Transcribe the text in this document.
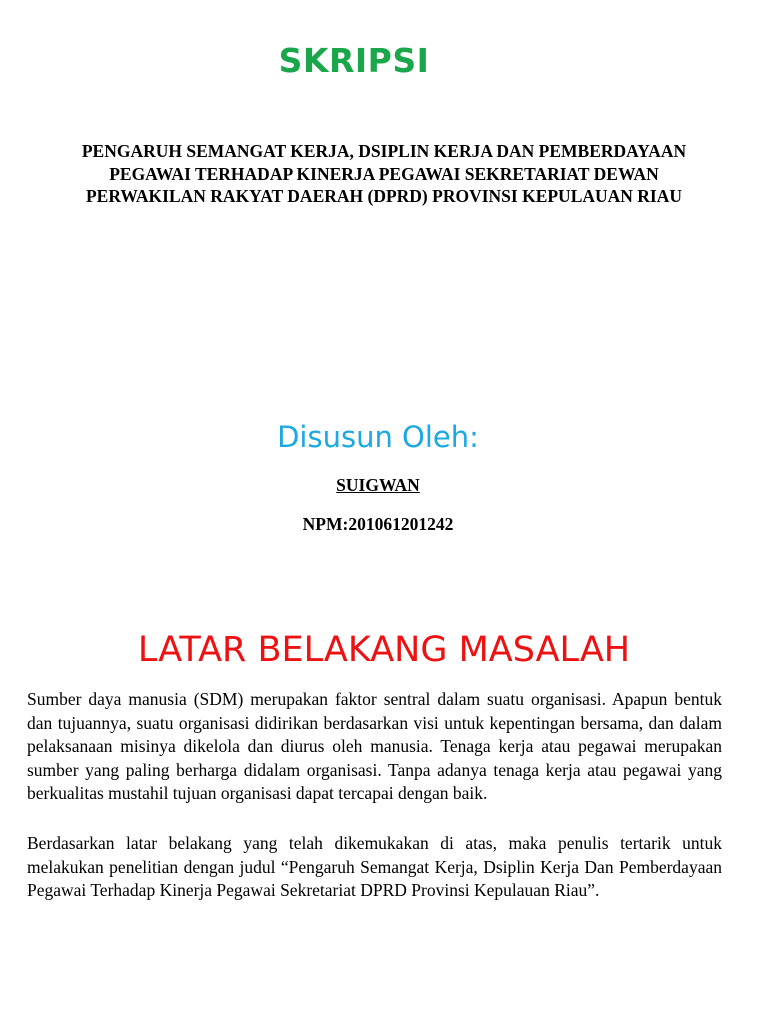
SKRIPSI
PENGARUH SEMANGAT KERJA, DSIPLIN KERJA DAN PEMBERDAYAAN
PEGAWAI TERHADAP KINERJA PEGAWAI SEKRETARIAT DEWAN
PERWAKILAN RAKYAT DAERAH (DPRD) PROVINSI KEPULAUAN RIAU
Disusun Oleh:
SUIGWAN
NPM:201061201242
LATAR BELAKANG MASALAH
Sumber daya manusia (SDM) merupakan faktor sentral dalam suatu organisasi. Apapun bentuk dan tujuannya, suatu organisasi didirikan berdasarkan visi untuk kepentingan bersama, dan dalam pelaksanaan misinya dikelola dan diurus oleh manusia. Tenaga kerja atau pegawai merupakan sumber yang paling berharga didalam organisasi. Tanpa adanya tenaga kerja atau pegawai yang berkualitas mustahil tujuan organisasi dapat tercapai dengan baik.
Berdasarkan latar belakang yang telah dikemukakan di atas, maka penulis tertarik untuk melakukan penelitian dengan judul “Pengaruh Semangat Kerja, Dsiplin Kerja Dan Pemberdayaan Pegawai Terhadap Kinerja Pegawai Sekretariat DPRD Provinsi Kepulauan Riau”.
